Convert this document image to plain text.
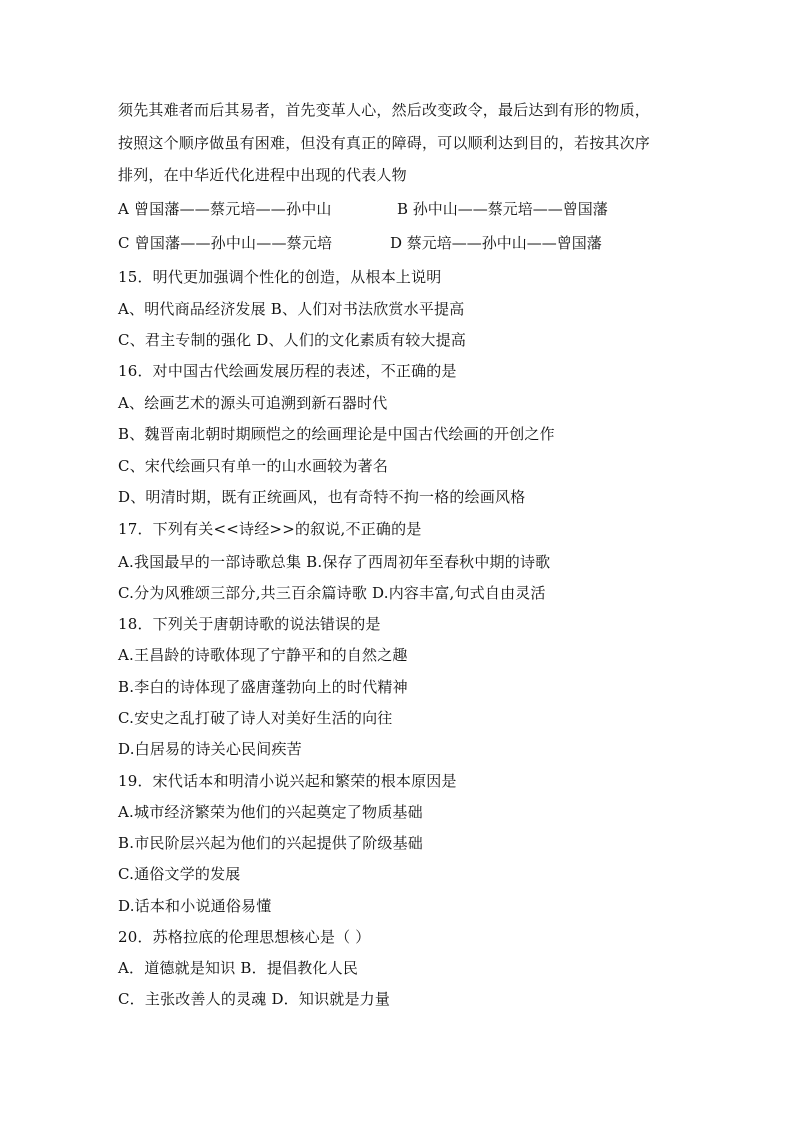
须先其难者而后其易者，首先变革人心，然后改变政令，最后达到有形的物质，
按照这个顺序做虽有困难，但没有真正的障碍，可以顺利达到目的，若按其次序
排列，在中华近代化进程中出现的代表人物
A 曾国藩——蔡元培——孙中山	B 孙中山——蔡元培——曾国藩
C 曾国藩——孙中山——蔡元培	D 蔡元培——孙中山——曾国藩
15．明代更加强调个性化的创造，从根本上说明
A、明代商品经济发展 B、人们对书法欣赏水平提高
C、君主专制的强化 D、人们的文化素质有较大提高
16．对中国古代绘画发展历程的表述，不正确的是
A、绘画艺术的源头可追溯到新石器时代
B、魏晋南北朝时期顾恺之的绘画理论是中国古代绘画的开创之作
C、宋代绘画只有单一的山水画较为著名
D、明清时期，既有正统画风，也有奇特不拘一格的绘画风格
17．下列有关<<诗经>>的叙说,不正确的是
A.我国最早的一部诗歌总集 B.保存了西周初年至春秋中期的诗歌
C.分为风雅颂三部分,共三百余篇诗歌 D.内容丰富,句式自由灵活
18．下列关于唐朝诗歌的说法错误的是
A.王昌龄的诗歌体现了宁静平和的自然之趣
B.李白的诗体现了盛唐蓬勃向上的时代精神
C.安史之乱打破了诗人对美好生活的向往
D.白居易的诗关心民间疾苦
19．宋代话本和明清小说兴起和繁荣的根本原因是
A.城市经济繁荣为他们的兴起奠定了物质基础
B.市民阶层兴起为他们的兴起提供了阶级基础
C.通俗文学的发展
D.话本和小说通俗易懂
20．苏格拉底的伦理思想核心是（ ）
A．道德就是知识 B．提倡教化人民
C．主张改善人的灵魂 D．知识就是力量
